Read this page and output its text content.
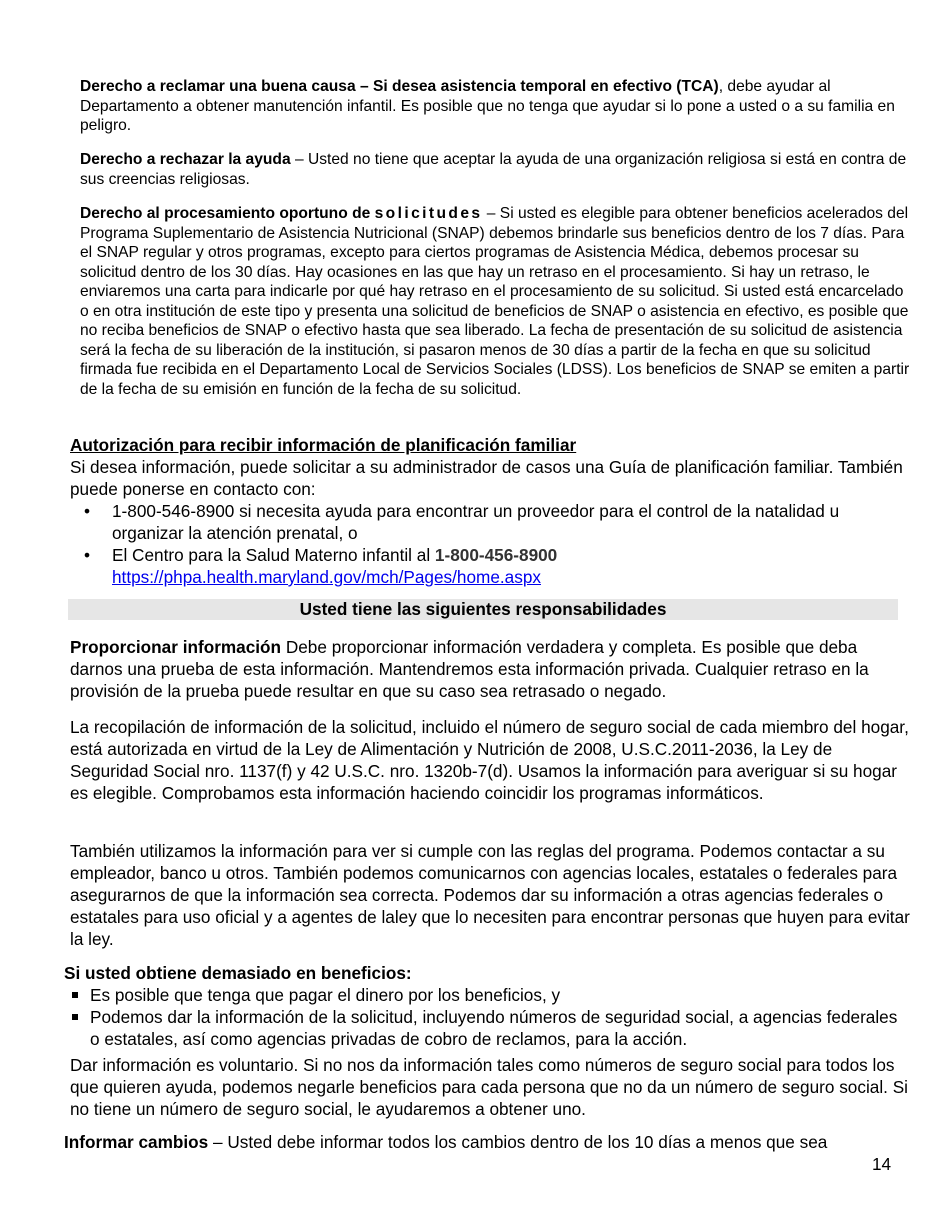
Derecho a reclamar una buena causa – Si desea asistencia temporal en efectivo (TCA), debe ayudar al Departamento a obtener manutención infantil. Es posible que no tenga que ayudar si lo pone a usted o a su familia en peligro.

Derecho a rechazar la ayuda – Usted no tiene que aceptar la ayuda de una organización religiosa si está en contra de sus creencias religiosas.

Derecho al procesamiento oportuno de solicitudes – Si usted es elegible para obtener beneficios acelerados del Programa Suplementario de Asistencia Nutricional (SNAP) debemos brindarle sus beneficios dentro de los 7 días. Para el SNAP regular y otros programas, excepto para ciertos programas de Asistencia Médica, debemos procesar su solicitud dentro de los 30 días. Hay ocasiones en las que hay un retraso en el procesamiento. Si hay un retraso, le enviaremos una carta para indicarle por qué hay retraso en el procesamiento de su solicitud. Si usted está encarcelado o en otra institución de este tipo y presenta una solicitud de beneficios de SNAP o asistencia en efectivo, es posible que no reciba beneficios de SNAP o efectivo hasta que sea liberado. La fecha de presentación de su solicitud de asistencia será la fecha de su liberación de la institución, si pasaron menos de 30 días a partir de la fecha en que su solicitud firmada fue recibida en el Departamento Local de Servicios Sociales (LDSS). Los beneficios de SNAP se emiten a partir de la fecha de su emisión en función de la fecha de su solicitud.

Autorización para recibir información de planificación familiar

Si desea información, puede solicitar a su administrador de casos una Guía de planificación familiar. También puede ponerse en contacto con:

• 1-800-546-8900 si necesita ayuda para encontrar un proveedor para el control de la natalidad u organizar la atención prenatal, o
• El Centro para la Salud Materno infantil al 1-800-456-8900
https://phpa.health.maryland.gov/mch/Pages/home.aspx
Usted tiene las siguientes responsabilidades

Proporcionar información Debe proporcionar información verdadera y completa. Es posible que deba darnos una prueba de esta información. Mantendremos esta información privada. Cualquier retraso en la provisión de la prueba puede resultar en que su caso sea retrasado o negado.

La recopilación de información de la solicitud, incluido el número de seguro social de cada miembro del hogar, está autorizada en virtud de la Ley de Alimentación y Nutrición de 2008, U.S.C.2011-2036, la Ley de Seguridad Social nro. 1137(f) y 42 U.S.C. nro. 1320b-7(d). Usamos la información para averiguar si su hogar es elegible. Comprobamos esta información haciendo coincidir los programas informáticos.

También utilizamos la información para ver si cumple con las reglas del programa. Podemos contactar a su empleador, banco u otros. También podemos comunicarnos con agencias locales, estatales o federales para asegurarnos de que la información sea correcta. Podemos dar su información a otras agencias federales o estatales para uso oficial y a agentes de laley que lo necesiten para encontrar personas que huyen para evitar la ley.

Si usted obtiene demasiado en beneficios:
Es posible que tenga que pagar el dinero por los beneficios, y
Podemos dar la información de la solicitud, incluyendo números de seguridad social, a agencias federales o estatales, así como agencias privadas de cobro de reclamos, para la acción.

Dar información es voluntario. Si no nos da información tales como números de seguro social para todos los que quieren ayuda, podemos negarle beneficios para cada persona que no da un número de seguro social. Si no tiene un número de seguro social, le ayudaremos a obtener uno.

Informar cambios – Usted debe informar todos los cambios dentro de los 10 días a menos que sea

14
